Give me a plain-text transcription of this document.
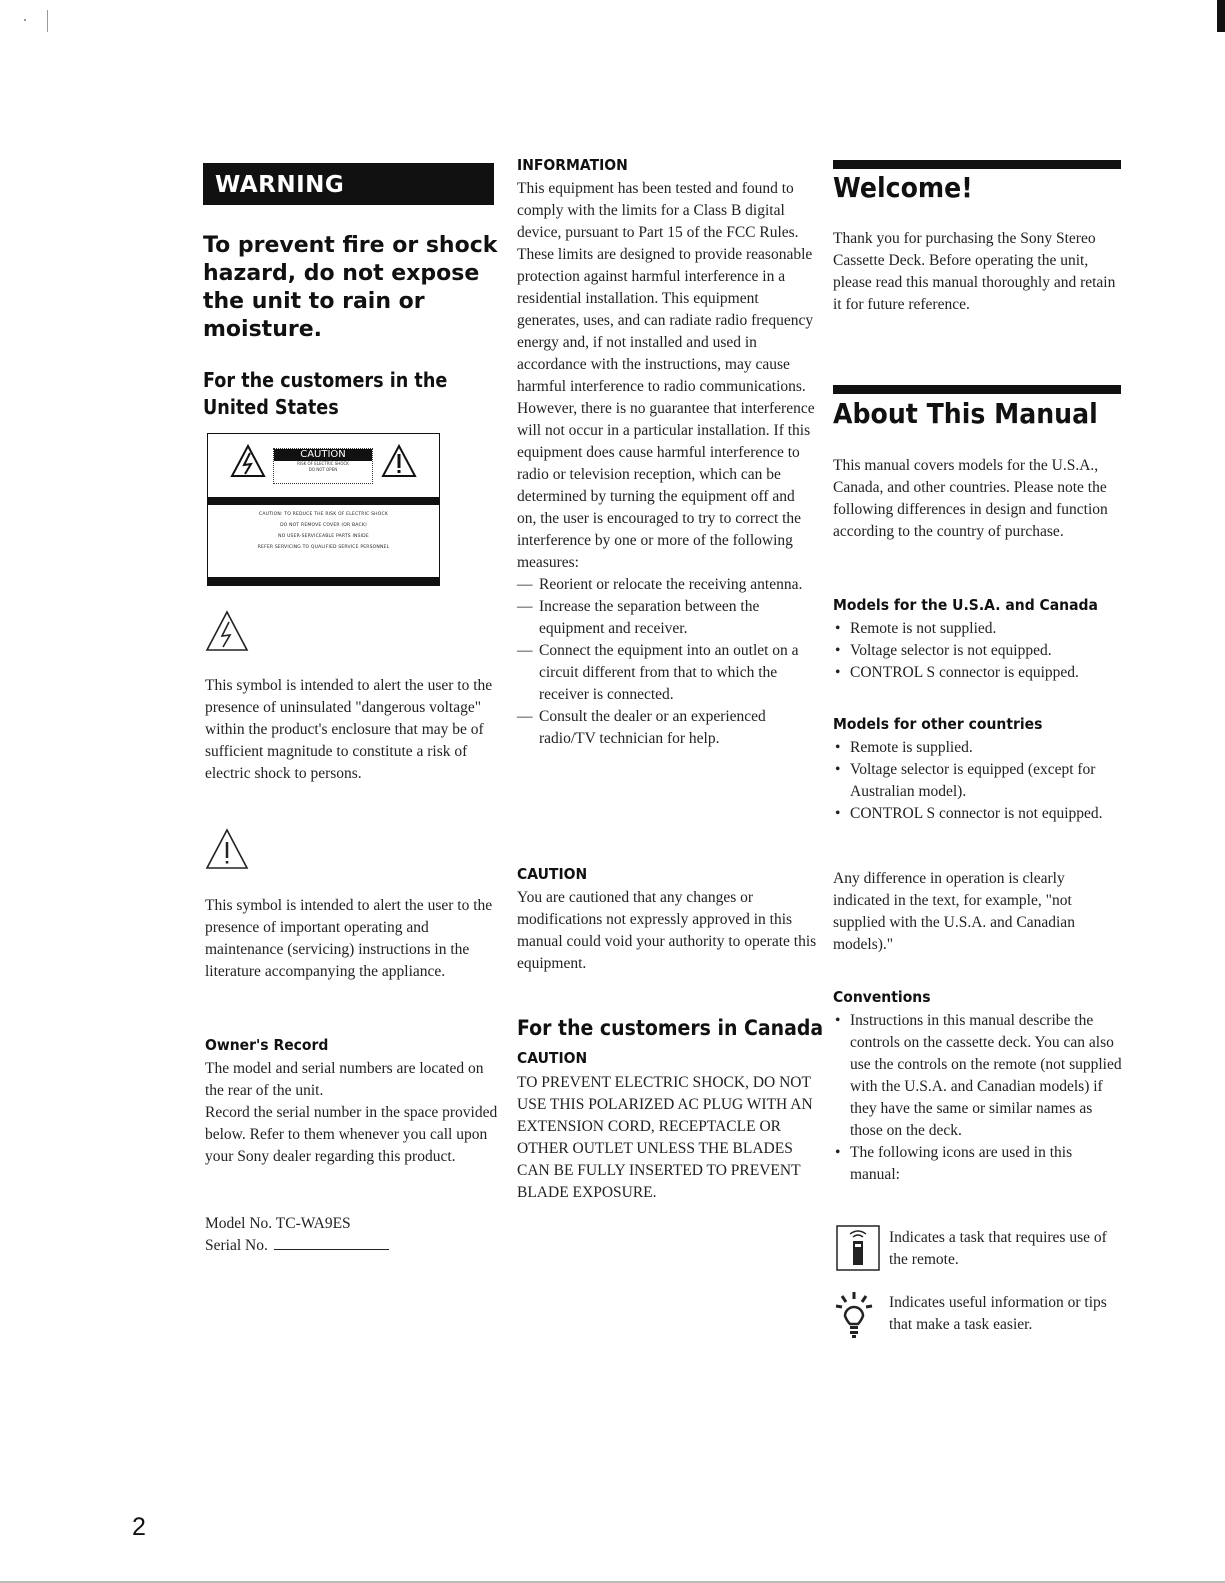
WARNING
To prevent fire or shock hazard, do not expose the unit to rain or moisture.
For the customers in the United States
CAUTION
RISK OF ELECTRIC SHOCK
DO NOT OPEN
CAUTION: TO REDUCE THE RISK OF ELECTRIC SHOCK
DO NOT REMOVE COVER (OR BACK)
NO USER-SERVICEABLE PARTS INSIDE
REFER SERVICING TO QUALIFIED SERVICE PERSONNEL
This symbol is intended to alert the user to the presence of uninsulated "dangerous voltage" within the product's enclosure that may be of sufficient magnitude to constitute a risk of electric shock to persons.
This symbol is intended to alert the user to the presence of important operating and maintenance (servicing) instructions in the literature accompanying the appliance.
Owner's Record

The model and serial numbers are located on the rear of the unit.

Record the serial number in the space provided below. Refer to them whenever you call upon your Sony dealer regarding this product.

Model No. TC-WA9ES

Serial No.

INFORMATION

This equipment has been tested and found to comply with the limits for a Class B digital device, pursuant to Part 15 of the FCC Rules.

These limits are designed to provide reasonable protection against harmful interference in a residential installation. This equipment generates, uses, and can radiate radio frequency energy and, if not installed and used in accordance with the instructions, may cause harmful interference to radio communications. However, there is no guarantee that interference will not occur in a particular installation. If this equipment does cause harmful interference to radio or television reception, which can be determined by turning the equipment off and on, the user is encouraged to try to correct the interference by one or more of the following measures:

— Reorient or relocate the receiving antenna.
— Increase the separation between the equipment and receiver.
— Connect the equipment into an outlet on a circuit different from that to which the receiver is connected.
— Consult the dealer or an experienced radio/TV technician for help.
CAUTION
You are cautioned that any changes or modifications not expressly approved in this manual could void your authority to operate this equipment.
For the customers in Canada
CAUTION
TO PREVENT ELECTRIC SHOCK, DO NOT USE THIS POLARIZED AC PLUG WITH AN EXTENSION CORD, RECEPTACLE OR OTHER OUTLET UNLESS THE BLADES CAN BE FULLY INSERTED TO PREVENT BLADE EXPOSURE.
Welcome!
Thank you for purchasing the Sony Stereo Cassette Deck. Before operating the unit, please read this manual thoroughly and retain it for future reference.
About This Manual
This manual covers models for the U.S.A., Canada, and other countries. Please note the following differences in design and function according to the country of purchase.
Models for the U.S.A. and Canada
• Remote is not supplied.
• Voltage selector is not equipped.
• CONTROL S connector is equipped.
Models for other countries
• Remote is supplied.
• Voltage selector is equipped (except for Australian model).
• CONTROL S connector is not equipped.
Any difference in operation is clearly indicated in the text, for example, "not supplied with the U.S.A. and Canadian models)."
Conventions
• Instructions in this manual describe the controls on the cassette deck. You can also use the controls on the remote (not supplied with the U.S.A. and Canadian models) if they have the same or similar names as those on the deck.
• The following icons are used in this manual:
Indicates a task that requires use of the remote.
Indicates useful information or tips that make a task easier.
2
